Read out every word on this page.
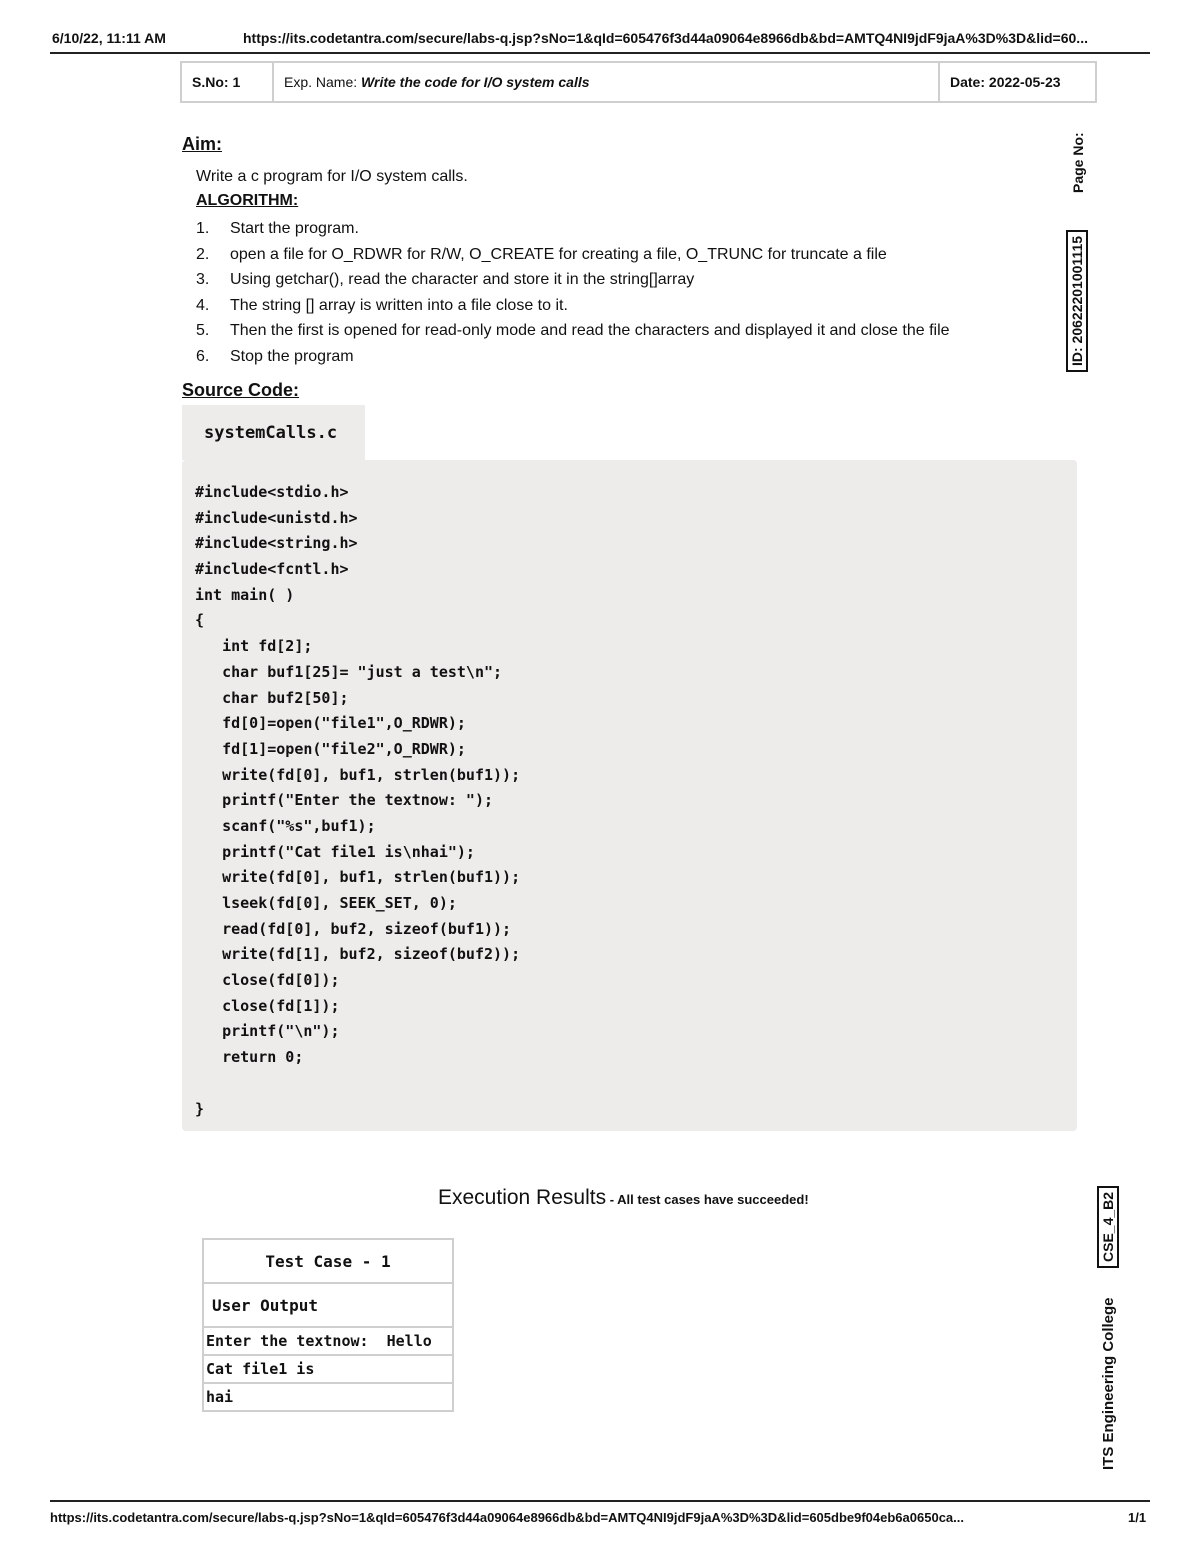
6/10/22, 11:11 AM	https://its.codetantra.com/secure/labs-q.jsp?sNo=1&qId=605476f3d44a09064e8966db&bd=AMTQ4NI9jdF9jaA%3D%3D&lid=60...
S.No:
1	Exp. Name:
Write the code for I/O system calls	Date:
2022-05-23
Page No:
ID: 20622201001115
CSE_4_B2
ITS Engineering College
Aim:
Write a c program for I/O system calls.
ALGORITHM:
1.	Start the program.
2.	open a file for O_RDWR for R/W, O_CREATE for creating a file, O_TRUNC for truncate a file
3.	Using getchar(), read the character and store it in the string[]array
4.	The string [] array is written into a file close to it.
5.	Then the first is opened for read-only mode and read the characters and displayed it and close the file
6.	Stop the program
Source Code:
systemCalls.c
#include<stdio.h>
#include<unistd.h>
#include<string.h>
#include<fcntl.h>
int main( )
{
int fd[2];
char buf1[25]= "just a test\n";
char buf2[50];
fd[0]=open("file1",O_RDWR);
fd[1]=open("file2",O_RDWR);
write(fd[0], buf1, strlen(buf1));
printf("Enter the textnow: ");
scanf("%s",buf1);
printf("Cat file1 is\nhai");
write(fd[0], buf1, strlen(buf1));
lseek(fd[0], SEEK_SET, 0);
read(fd[0], buf2, sizeof(buf1));
write(fd[1], buf2, sizeof(buf2));
close(fd[0]);
close(fd[1]);
printf("\n");
return 0;
}
Execution Results - All test cases have succeeded!
Test Case - 1
User Output
Enter the textnow:  Hello
Cat file1 is
hai
https://its.codetantra.com/secure/labs-q.jsp?sNo=1&qId=605476f3d44a09064e8966db&bd=AMTQ4NI9jdF9jaA%3D%3D&lid=605dbe9f04eb6a0650ca...	1/1
